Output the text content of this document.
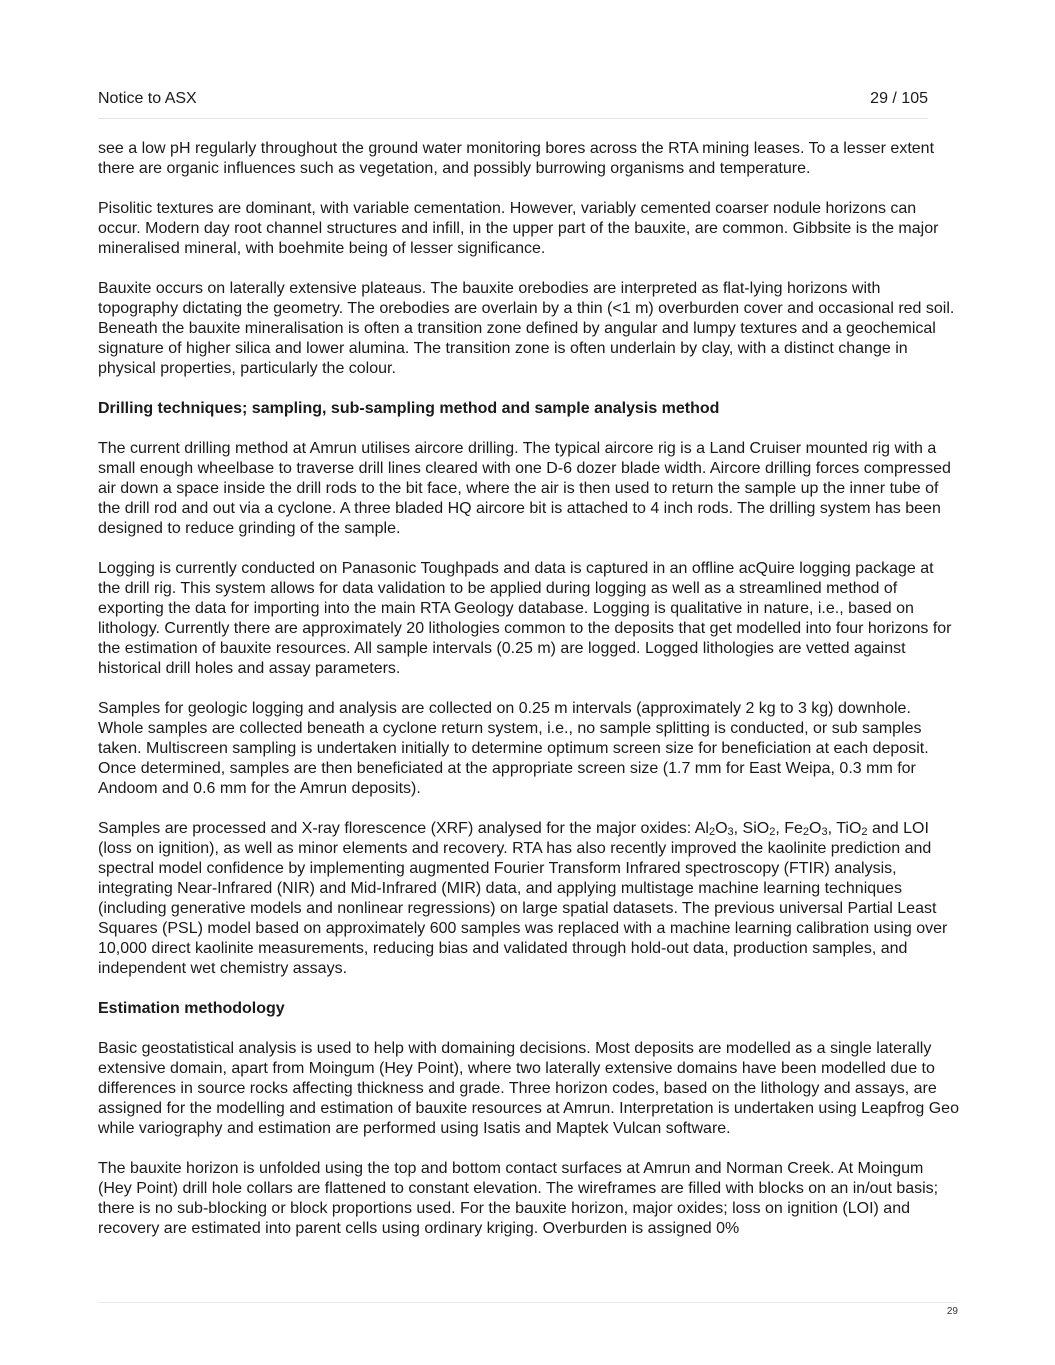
Notice to ASX	29 / 105

see a low pH regularly throughout the ground water monitoring bores across the RTA mining leases. To a lesser extent there are organic influences such as vegetation, and possibly burrowing organisms and temperature.

Pisolitic textures are dominant, with variable cementation. However, variably cemented coarser nodule horizons can occur. Modern day root channel structures and infill, in the upper part of the bauxite, are common. Gibbsite is the major mineralised mineral, with boehmite being of lesser significance.

Bauxite occurs on laterally extensive plateaus. The bauxite orebodies are interpreted as flat-lying horizons with topography dictating the geometry. The orebodies are overlain by a thin (<1 m) overburden cover and occasional red soil. Beneath the bauxite mineralisation is often a transition zone defined by angular and lumpy textures and a geochemical signature of higher silica and lower alumina. The transition zone is often underlain by clay, with a distinct change in physical properties, particularly the colour.

Drilling techniques; sampling, sub-sampling method and sample analysis method

The current drilling method at Amrun utilises aircore drilling. The typical aircore rig is a Land Cruiser mounted rig with a small enough wheelbase to traverse drill lines cleared with one D-6 dozer blade width. Aircore drilling forces compressed air down a space inside the drill rods to the bit face, where the air is then used to return the sample up the inner tube of the drill rod and out via a cyclone. A three bladed HQ aircore bit is attached to 4 inch rods. The drilling system has been designed to reduce grinding of the sample.

Logging is currently conducted on Panasonic Toughpads and data is captured in an offline acQuire logging package at the drill rig. This system allows for data validation to be applied during logging as well as a streamlined method of exporting the data for importing into the main RTA Geology database. Logging is qualitative in nature, i.e., based on lithology. Currently there are approximately 20 lithologies common to the deposits that get modelled into four horizons for the estimation of bauxite resources. All sample intervals (0.25 m) are logged. Logged lithologies are vetted against historical drill holes and assay parameters.

Samples for geologic logging and analysis are collected on 0.25 m intervals (approximately 2 kg to 3 kg) downhole. Whole samples are collected beneath a cyclone return system, i.e., no sample splitting is conducted, or sub samples taken. Multiscreen sampling is undertaken initially to determine optimum screen size for beneficiation at each deposit. Once determined, samples are then beneficiated at the appropriate screen size (1.7 mm for East Weipa, 0.3 mm for Andoom and 0.6 mm for the Amrun deposits).

Samples are processed and X-ray florescence (XRF) analysed for the major oxides: $Al_2O_3$, SiO$_2$, $Fe_2O_3$, TiO$_2$ and LOI (loss on ignition), as well as minor elements and recovery. RTA has also recently improved the kaolinite prediction and spectral model confidence by implementing augmented Fourier Transform Infrared spectroscopy (FTIR) analysis, integrating Near-Infrared (NIR) and Mid-Infrared (MIR) data, and applying multistage machine learning techniques (including generative models and nonlinear regressions) on large spatial datasets. The previous universal Partial Least Squares (PSL) model based on approximately 600 samples was replaced with a machine learning calibration using over 10,000 direct kaolinite measurements, reducing bias and validated through hold-out data, production samples, and independent wet chemistry assays.

Estimation methodology

Basic geostatistical analysis is used to help with domaining decisions. Most deposits are modelled as a single laterally extensive domain, apart from Moingum (Hey Point), where two laterally extensive domains have been modelled due to differences in source rocks affecting thickness and grade. Three horizon codes, based on the lithology and assays, are assigned for the modelling and estimation of bauxite resources at Amrun. Interpretation is undertaken using Leapfrog Geo while variography and estimation are performed using Isatis and Maptek Vulcan software.

The bauxite horizon is unfolded using the top and bottom contact surfaces at Amrun and Norman Creek. At Moingum (Hey Point) drill hole collars are flattened to constant elevation. The wireframes are filled with blocks on an in/out basis; there is no sub-blocking or block proportions used. For the bauxite horizon, major oxides; loss on ignition (LOI) and recovery are estimated into parent cells using ordinary kriging. Overburden is assigned 0%

29
